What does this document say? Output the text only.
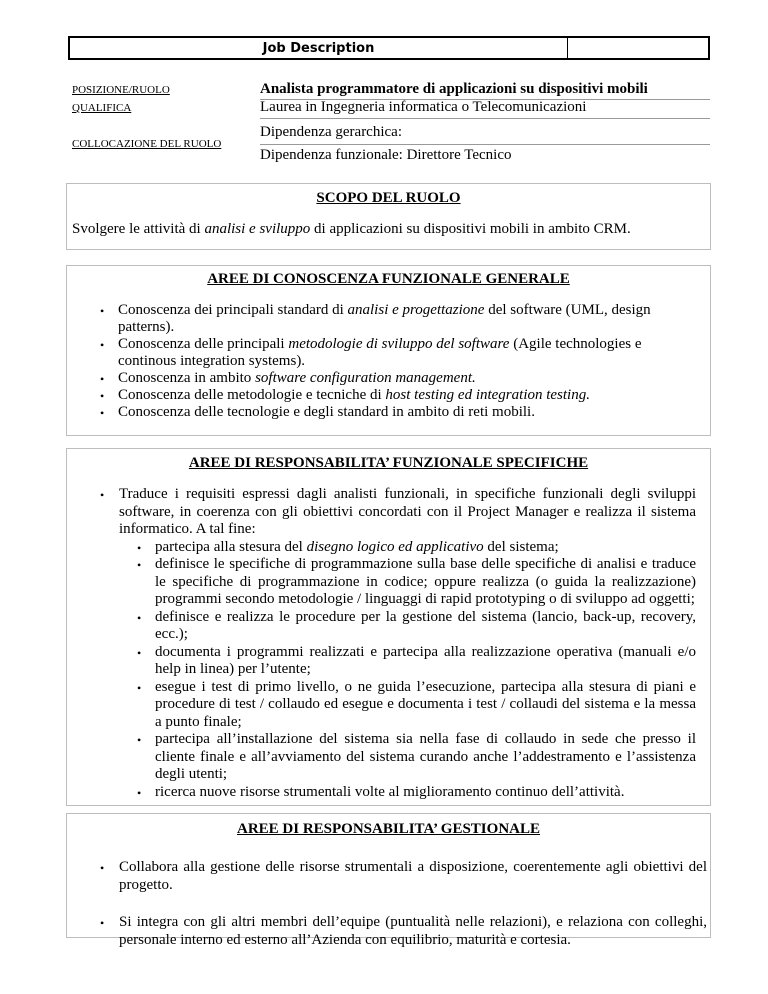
Job Description
POSIZIONE/RUOLO	Analista programmatore di applicazioni su dispositivi mobili
QUALIFICA	Laurea in Ingegneria informatica o Telecomunicazioni
Dipendenza gerarchica:
COLLOCAZIONE DEL RUOLO
Dipendenza funzionale: Direttore Tecnico
SCOPO DEL RUOLO

Svolgere le attività di analisi e sviluppo di applicazioni su dispositivi mobili in ambito CRM.

AREE DI CONOSCENZA FUNZIONALE GENERALE
• Conoscenza dei principali standard di analisi e progettazione del software (UML, design patterns).
• Conoscenza delle principali metodologie di sviluppo del software (Agile technologies e continous integration systems).
• Conoscenza in ambito software configuration management.
• Conoscenza delle metodologie e tecniche di host testing ed integration testing.
• Conoscenza delle tecnologie e degli standard in ambito di reti mobili.
AREE DI RESPONSABILITA’ FUNZIONALE SPECIFICHE
• Traduce i requisiti espressi dagli analisti funzionali, in specifiche funzionali degli sviluppi software, in coerenza con gli obiettivi concordati con il Project Manager e realizza il sistema informatico. A tal fine:

• partecipa alla stesura del disegno logico ed applicativo del sistema;
• definisce le specifiche di programmazione sulla base delle specifiche di analisi e traduce le specifiche di programmazione in codice; oppure realizza (o guida la realizzazione) programmi secondo metodologie / linguaggi di rapid prototyping o di sviluppo ad oggetti;
• definisce e realizza le procedure per la gestione del sistema (lancio, back-up, recovery, ecc.);
• documenta i programmi realizzati e partecipa alla realizzazione operativa (manuali e/o help in linea) per l’utente;
• esegue i test di primo livello, o ne guida l’esecuzione, partecipa alla stesura di piani e procedure di test / collaudo ed esegue e documenta i test / collaudi del sistema e la messa a punto finale;
• partecipa all’installazione del sistema sia nella fase di collaudo in sede che presso il cliente finale e all’avviamento del sistema curando anche l’addestramento e l’assistenza degli utenti;
• ricerca nuove risorse strumentali volte al miglioramento continuo dell’attività.
AREE DI RESPONSABILITA’ GESTIONALE
• Collabora alla gestione delle risorse strumentali a disposizione, coerentemente agli obiettivi del progetto.
• Si integra con gli altri membri dell’equipe (puntualità nelle relazioni), e relaziona con colleghi, personale interno ed esterno all’Azienda con equilibrio, maturità e cortesia.
